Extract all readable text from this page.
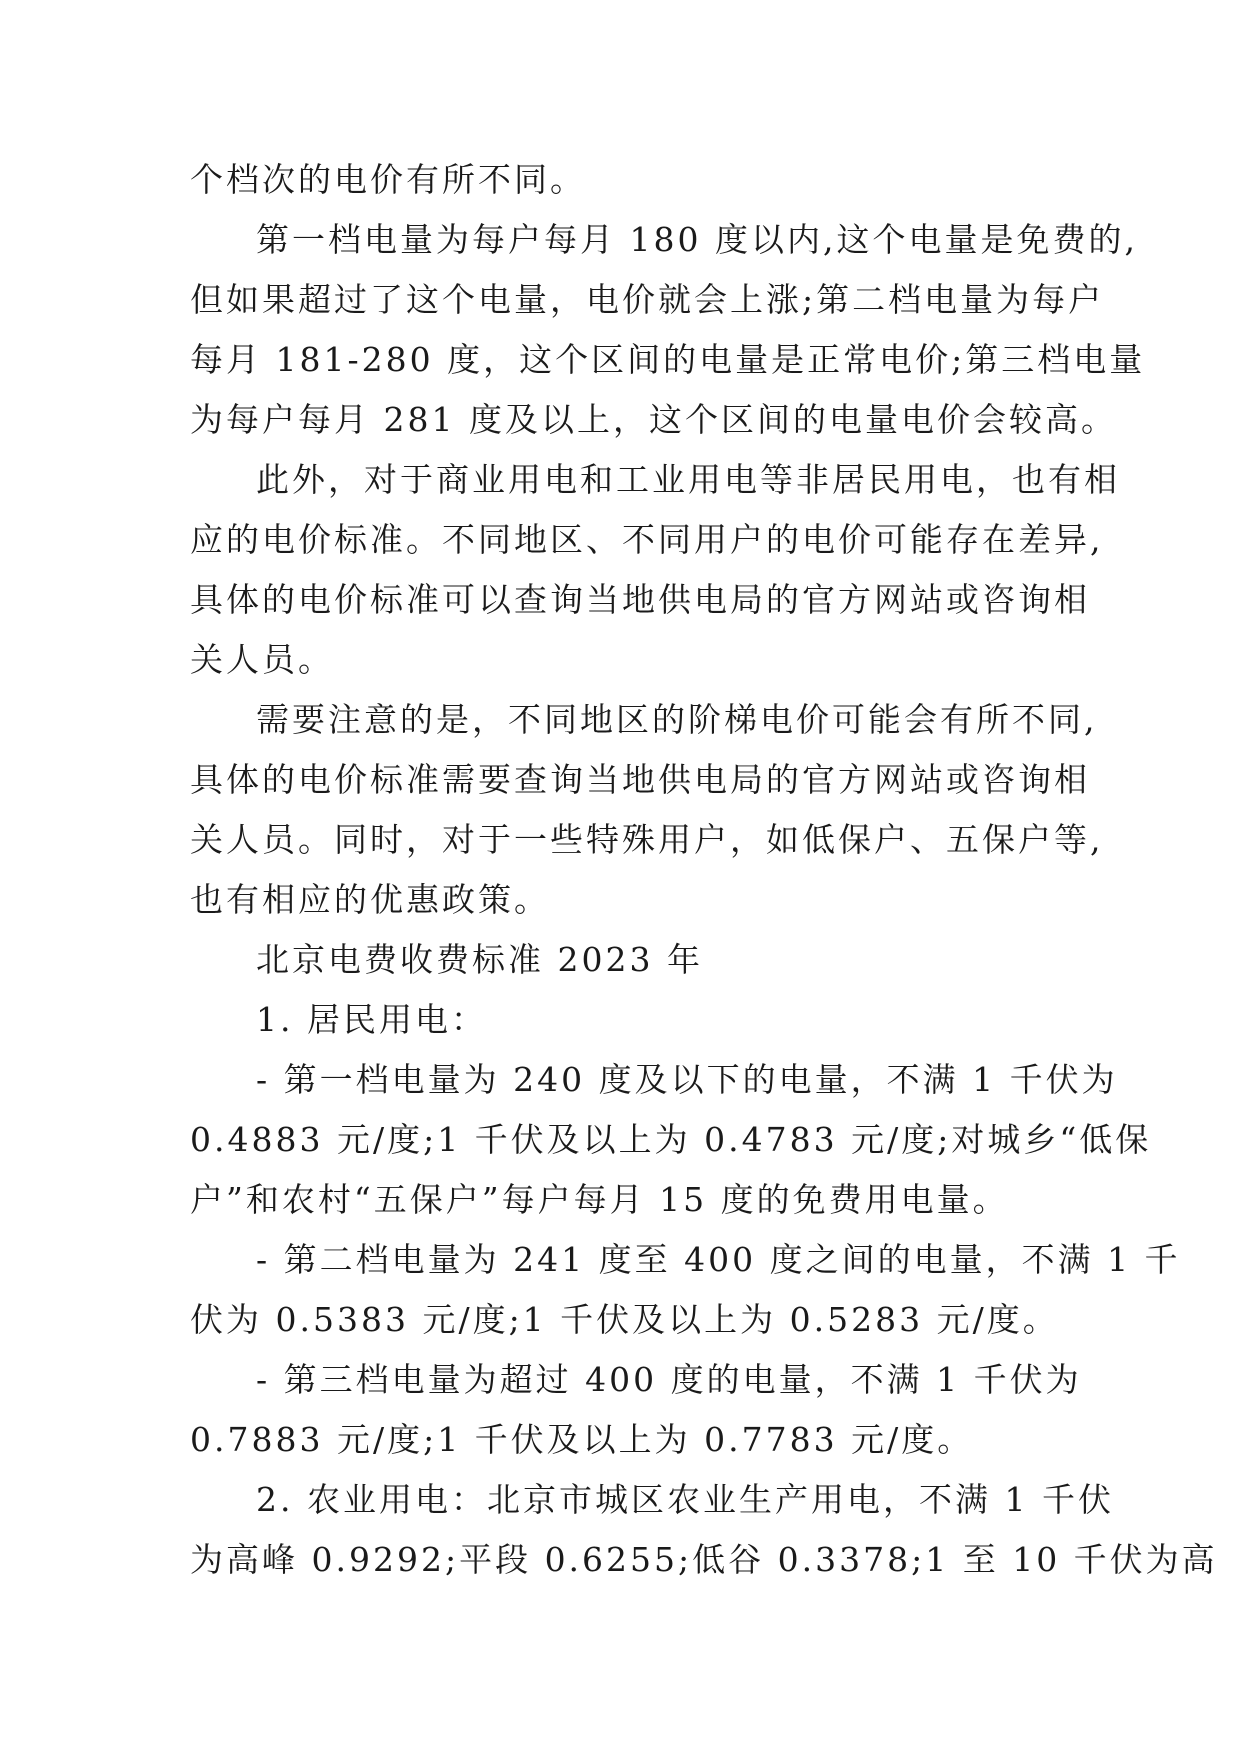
个档次的电价有所不同。
第一档电量为每户每月 180 度以内,这个电量是免费的,
但如果超过了这个电量，电价就会上涨;第二档电量为每户
每月 181-280 度，这个区间的电量是正常电价;第三档电量
为每户每月 281 度及以上，这个区间的电量电价会较高。
此外，对于商业用电和工业用电等非居民用电，也有相
应的电价标准。不同地区、不同用户的电价可能存在差异,
具体的电价标准可以查询当地供电局的官方网站或咨询相
关人员。
需要注意的是，不同地区的阶梯电价可能会有所不同,
具体的电价标准需要查询当地供电局的官方网站或咨询相
关人员。同时，对于一些特殊用户，如低保户、五保户等,
也有相应的优惠政策。
北京电费收费标准 2023 年
1. 居民用电：
- 第一档电量为 240 度及以下的电量，不满 1 千伏为
0.4883 元/度;1 千伏及以上为 0.4783 元/度;对城乡“低保
户”和农村“五保户”每户每月 15 度的免费用电量。
- 第二档电量为 241 度至 400 度之间的电量，不满 1 千
伏为 0.5383 元/度;1 千伏及以上为 0.5283 元/度。
- 第三档电量为超过 400 度的电量，不满 1 千伏为
0.7883 元/度;1 千伏及以上为 0.7783 元/度。
2. 农业用电：北京市城区农业生产用电，不满 1 千伏
为高峰 0.9292;平段 0.6255;低谷 0.3378;1 至 10 千伏为高
